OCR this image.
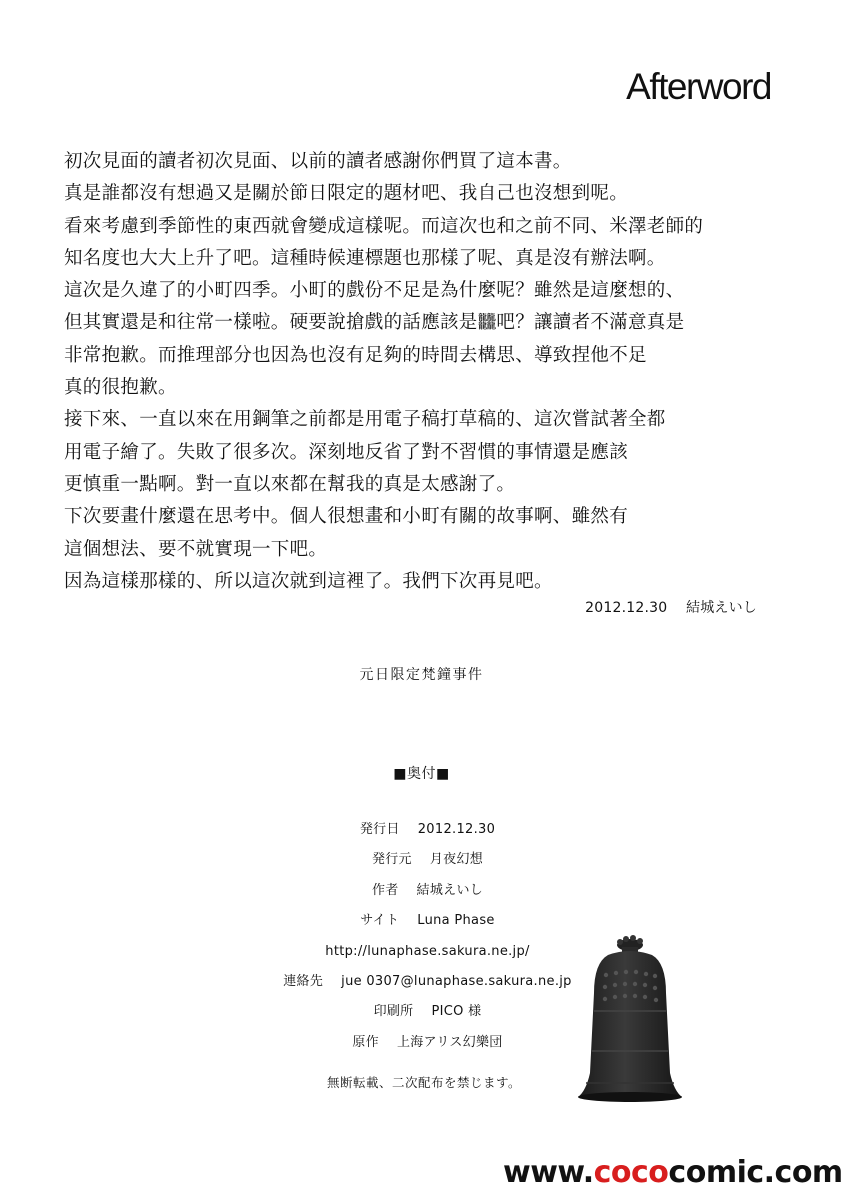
Afterword
初次見面的讀者初次見面、以前的讀者感謝你們買了這本書。
真是誰都沒有想過又是關於節日限定的題材吧、我自己也沒想到呢。
看來考慮到季節性的東西就會變成這樣呢。而這次也和之前不同、米澤老師的
知名度也大大上升了吧。這種時候連標題也那樣了呢、真是沒有辦法啊。
這次是久違了的小町四季。小町的戲份不足是為什麼呢？雖然是這麼想的、
但其實還是和往常一樣啦。硬要說搶戲的話應該是𪚥吧？讓讀者不滿意真是
非常抱歉。而推理部分也因為也沒有足夠的時間去構思、導致捏他不足
真的很抱歉。
接下來、一直以來在用鋼筆之前都是用電子稿打草稿的、這次嘗試著全都
用電子繪了。失敗了很多次。深刻地反省了對不習慣的事情還是應該
更慎重一點啊。對一直以來都在幫我的真是太感謝了。
下次要畫什麼還在思考中。個人很想畫和小町有關的故事啊、雖然有
這個想法、要不就實現一下吧。
因為這樣那樣的、所以這次就到這裡了。我們下次再見吧。
2012.12.30 結城えいし
元日限定梵鐘事件
■奥付■
発行日 2012.12.30
発行元 月夜幻想
作者 結城えいし
サイト Luna Phase
http://lunaphase.sakura.ne.jp/
連絡先 jue 0307@lunaphase.sakura.ne.jp
印刷所 PICO 様
原作 上海アリス幻樂団
無断転載、二次配布を禁じます。
www.cococomic.com
